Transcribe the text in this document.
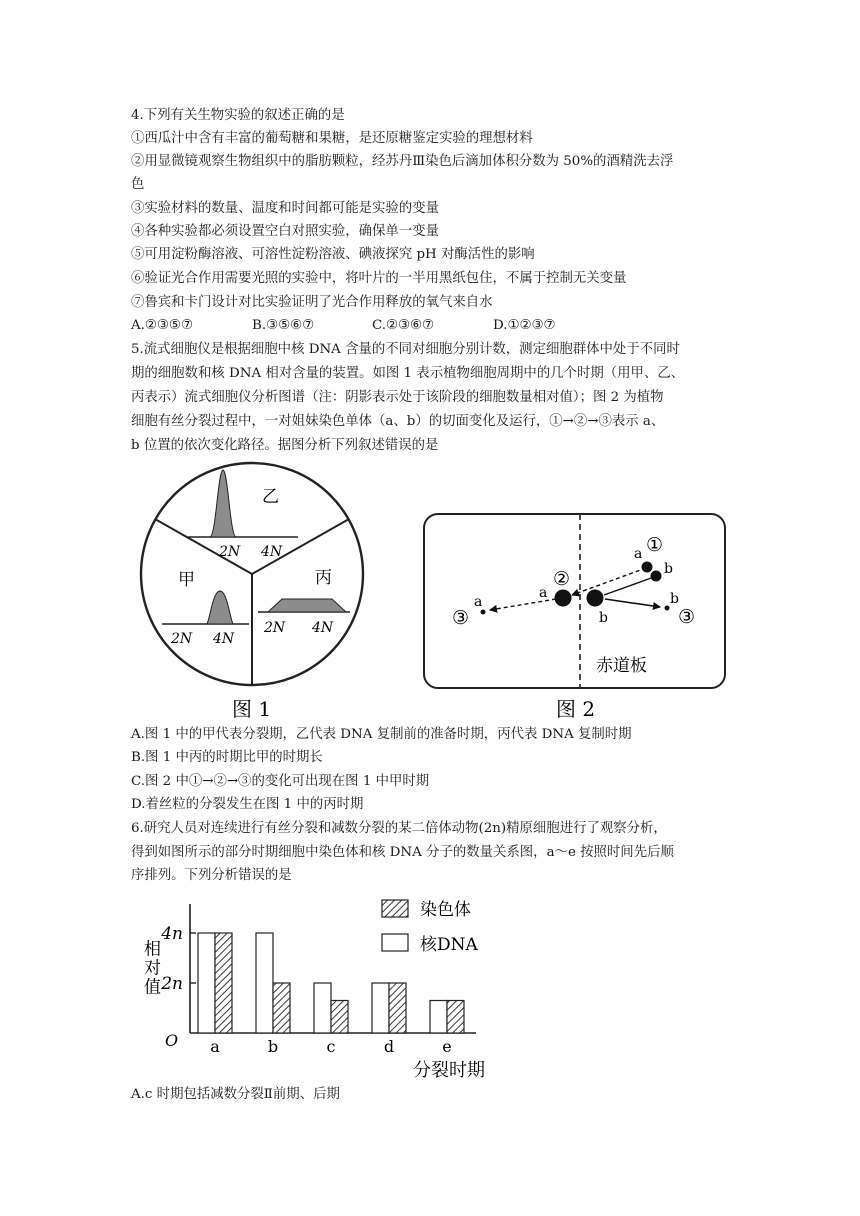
4.下列有关生物实验的叙述正确的是
①西瓜汁中含有丰富的葡萄糖和果糖，是还原糖鉴定实验的理想材料
②用显微镜观察生物组织中的脂肪颗粒，经苏丹Ⅲ染色后滴加体积分数为 50%的酒精洗去浮
色
③实验材料的数量、温度和时间都可能是实验的变量
④各种实验都必须设置空白对照实验，确保单一变量
⑤可用淀粉酶溶液、可溶性淀粉溶液、碘液探究 pH 对酶活性的影响
⑥验证光合作用需要光照的实验中，将叶片的一半用黑纸包住，不属于控制无关变量
⑦鲁宾和卡门设计对比实验证明了光合作用释放的氧气来自水
A.②③⑤⑦	B.③⑤⑥⑦	C.②③⑥⑦	D.①②③⑦
5.流式细胞仪是根据细胞中核 DNA 含量的不同对细胞分别计数，测定细胞群体中处于不同时
期的细胞数和核 DNA 相对含量的装置。如图 1 表示植物细胞周期中的几个时期（用甲、乙、
丙表示）流式细胞仪分析图谱（注：阴影表示处于该阶段的细胞数量相对值）；图 2 为植物
细胞有丝分裂过程中，一对姐妹染色单体（a、b）的切面变化及运行，①→②→③表示 a、
b 位置的依次变化路径。据图分析下列叙述错误的是
乙
2N 4N
甲
2N 4N
丙
2N 4N
图 1
赤道板
①
a
b
②
a
b
③
a	b
③
图 2
A.图 1 中的甲代表分裂期，乙代表 DNA 复制前的准备时期，丙代表 DNA 复制时期
B.图 1 中丙的时期比甲的时期长
C.图 2 中①→②→③的变化可出现在图 1 中甲时期
D.着丝粒的分裂发生在图 1 中的丙时期
6.研究人员对连续进行有丝分裂和减数分裂的某二倍体动物(2n)精原细胞进行了观察分析，
得到如图所示的部分时期细胞中染色体和核 DNA 分子的数量关系图，a～e 按照时间先后顺
序排列。下列分析错误的是
相对值
O
分裂时期
a	b	c	d	e
4n
2n
染色体
核DNA
A.c 时期包括减数分裂Ⅱ前期、后期
